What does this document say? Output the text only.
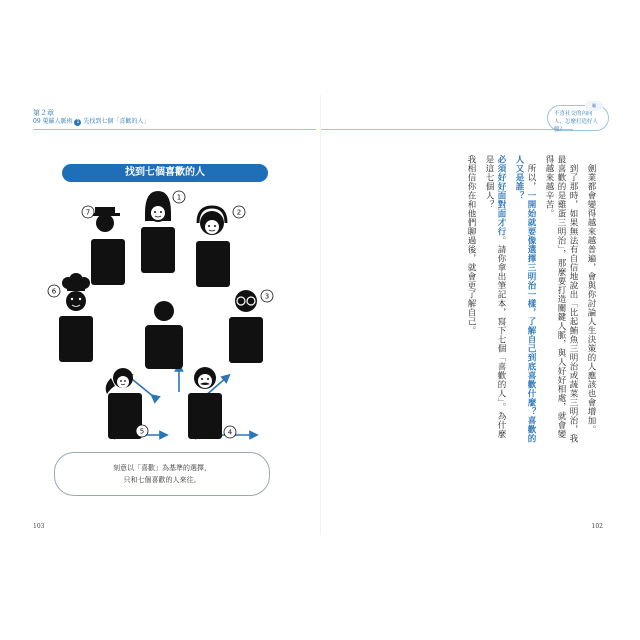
第２章
09 蒐羅人脈術 1 先找到七個「喜歡的人」
找到七個喜歡的人
1
2
3
4
5
6
7
刻意以「喜歡」為基準的選擇，
只和七個喜歡的人來往。
103
不喜社交的內向人，怎麼打造好人脈？
職

劍業都會變得越來越普遍，會與你討論人生決策的人應該也會增加。

到了那時，如果無法有自信地說出「比起鮪魚三明治或蔬菜三明治，我最喜歡的是雞蛋三明治」，那麼要打造關鍵人脈，與人好好相處，就會變得越來越辛苦。

所以，一開始就要像選擇三明治一樣，了解自己到底喜歡什麼？喜歡的人又是誰？

必須好好面對面才行。請你拿出筆記本，寫下七個「喜歡的人」。為什麼是這七個人？

我相信你在和他們聊過後，就會更了解自己。

102
